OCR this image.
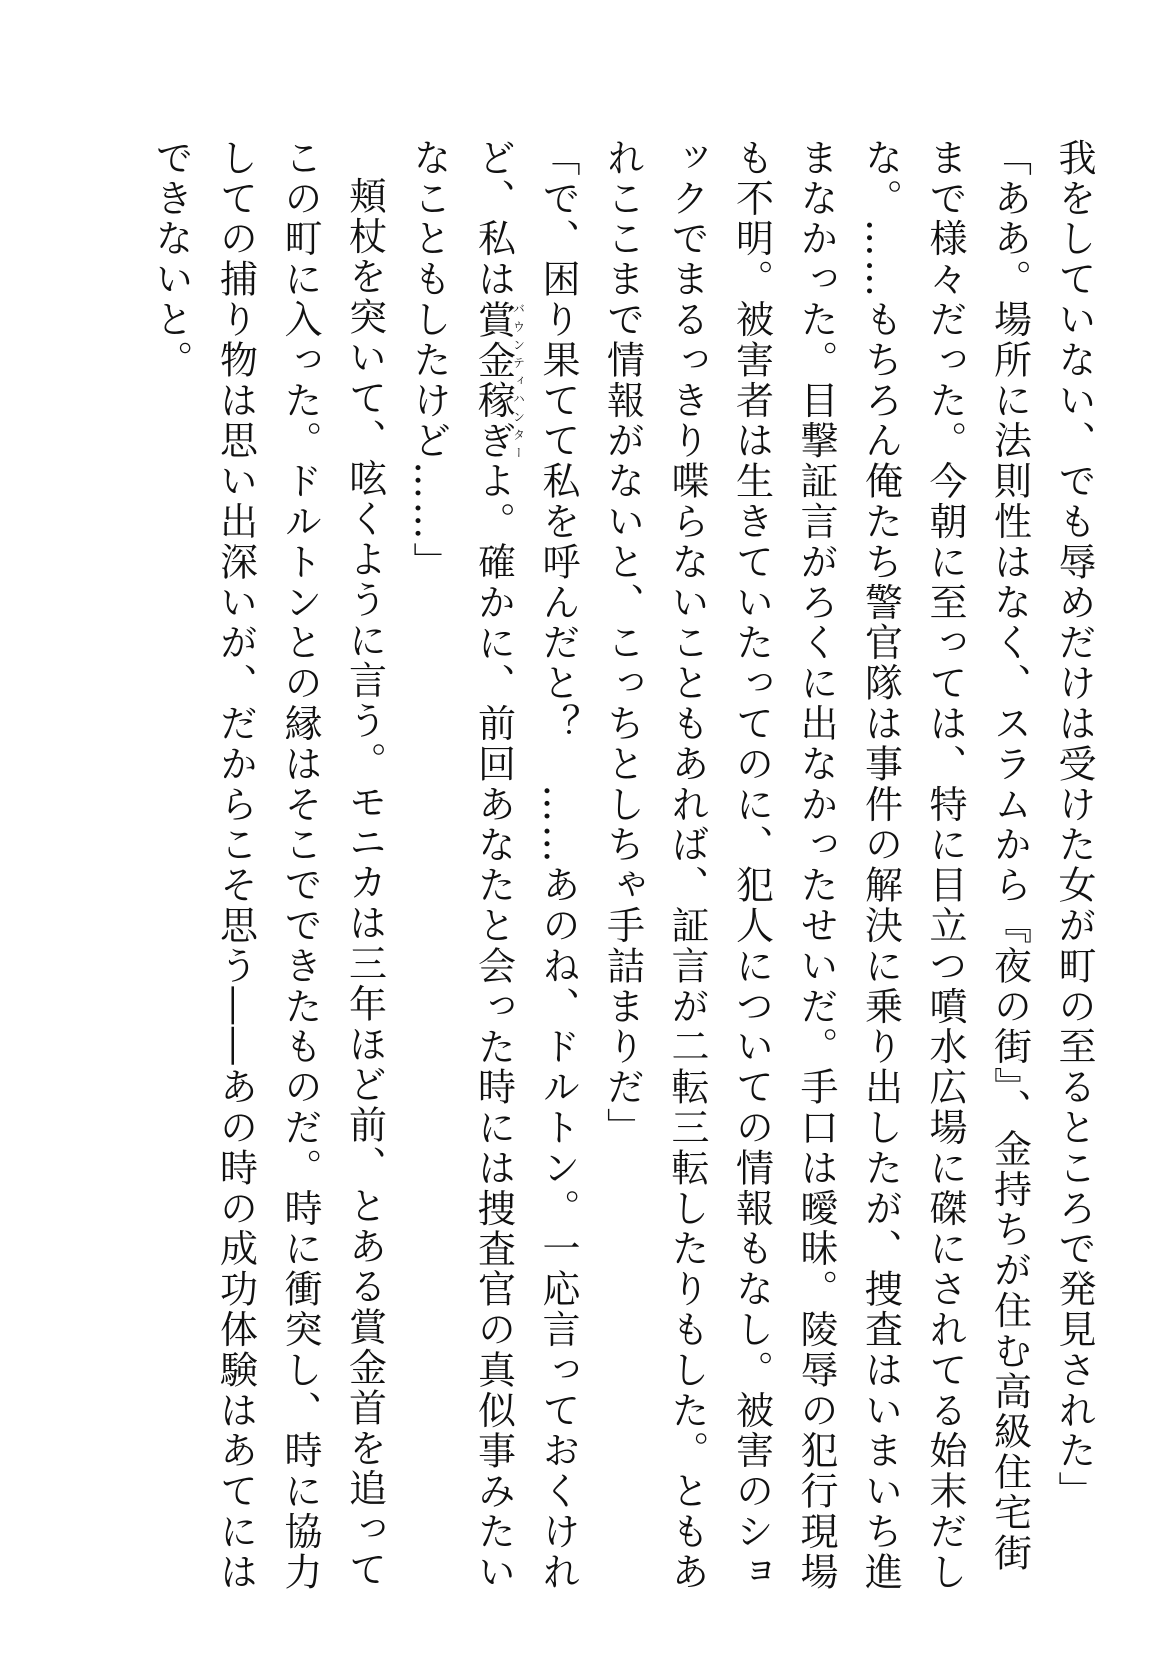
我をしていない、でも辱めだけは受けた女が町の至るところで発見された」
「ああ。場所に法則性はなく、スラムから『夜の街』、金持ちが住む高級住宅街
まで様々だった。今朝に至っては、特に目立つ噴水広場に磔にされてる始末だし
な。……もちろん俺たち警官隊は事件の解決に乗り出したが、捜査はいまいち進
まなかった。目撃証言がろくに出なかったせいだ。手口は曖昧。陵辱の犯行現場
も不明。被害者は生きていたってのに、犯人についての情報もなし。被害のショ
ックでまるっきり喋らないこともあれば、証言が二転三転したりもした。ともあ
れここまで情報がないと、こっちとしちゃ手詰まりだ」
「で、困り果てて私を呼んだと？　……あのね、ドルトン。一応言っておくけれ
ど、私は賞金稼ぎバウンティハンターよ。確かに、前回あなたと会った時には捜査官の真似事みたい
なこともしたけど……」
頬杖を突いて、呟くように言う。モニカは三年ほど前、とある賞金首を追って
この町に入った。ドルトンとの縁はそこでできたものだ。時に衝突し、時に協力
しての捕り物は思い出深いが、だからこそ思う――あの時の成功体験はあてには
できないと。
